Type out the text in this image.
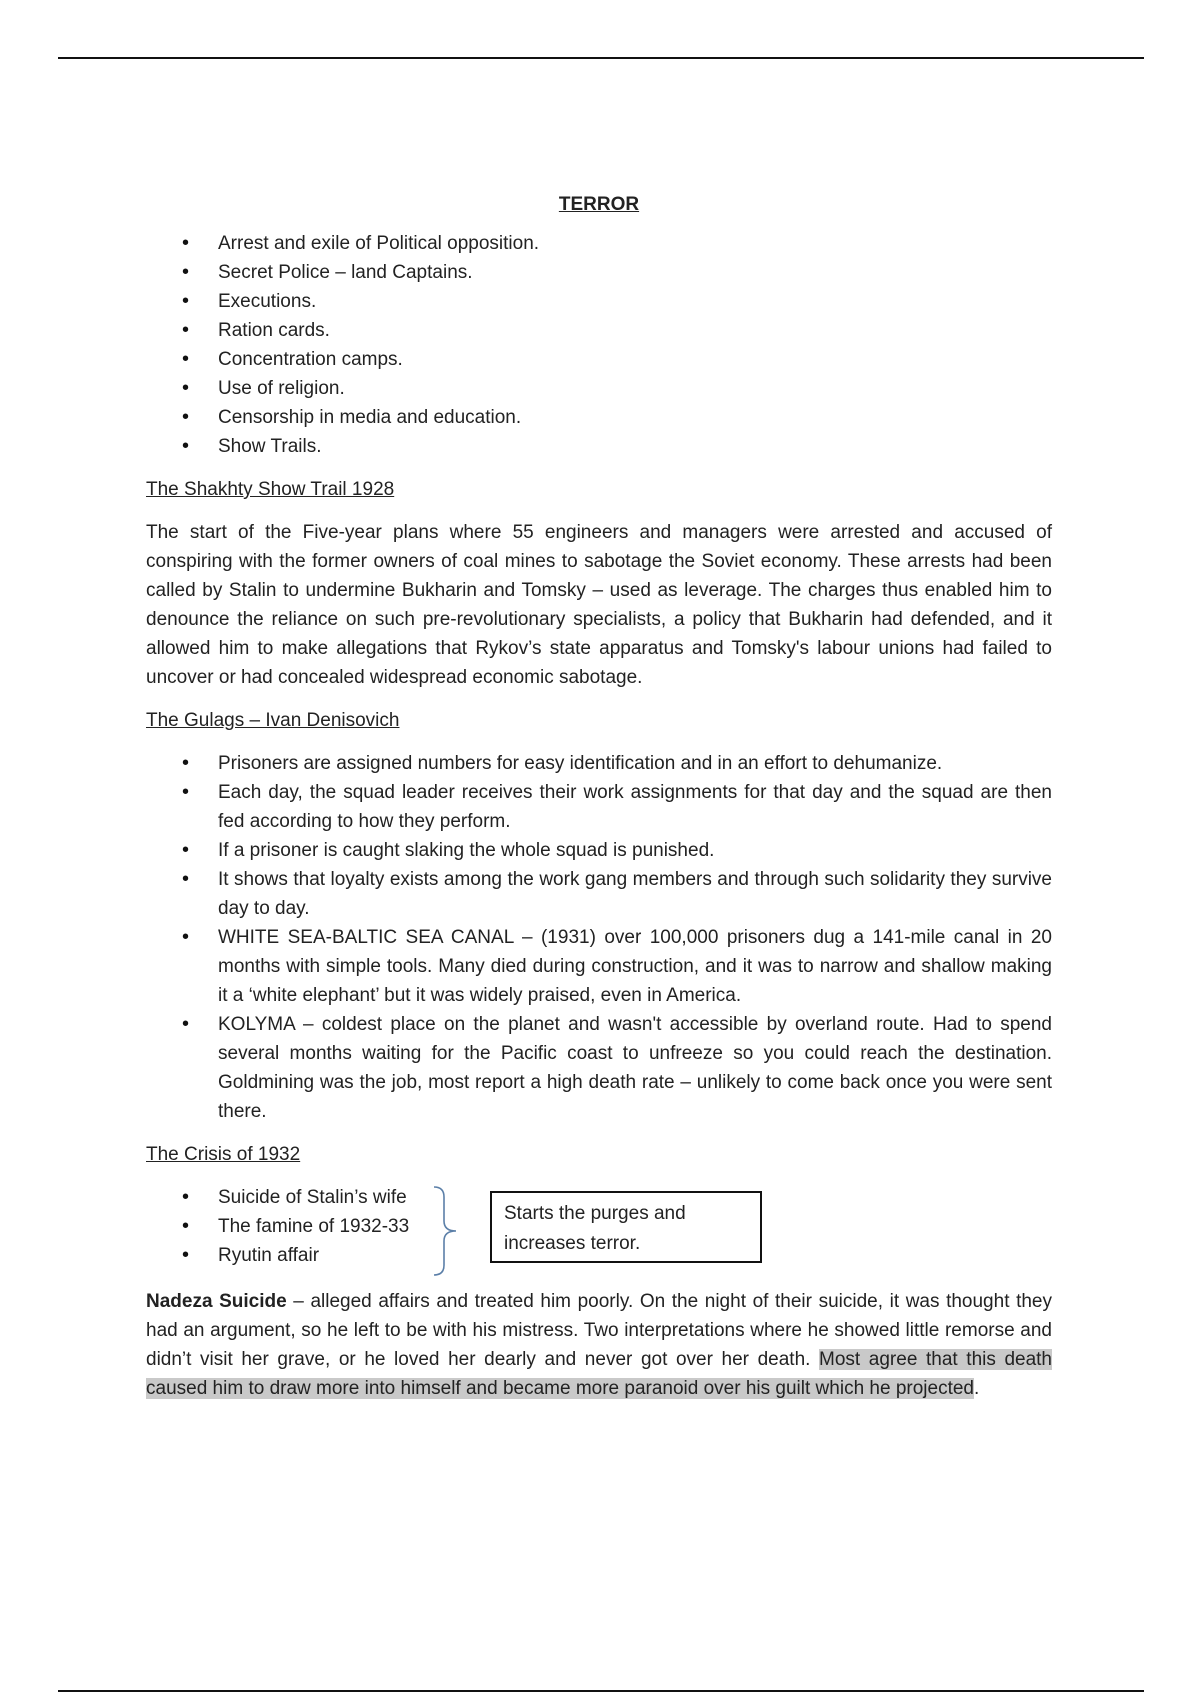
TERROR
• Arrest and exile of Political opposition.
• Secret Police – land Captains.
• Executions.
• Ration cards.
• Concentration camps.
• Use of religion.
• Censorship in media and education.
• Show Trails.
The Shakhty Show Trail 1928

The start of the Five-year plans where 55 engineers and managers were arrested and accused of conspiring with the former owners of coal mines to sabotage the Soviet economy. These arrests had been called by Stalin to undermine Bukharin and Tomsky – used as leverage. The charges thus enabled him to denounce the reliance on such pre-revolutionary specialists, a policy that Bukharin had defended, and it allowed him to make allegations that Rykov’s state apparatus and Tomsky's labour unions had failed to uncover or had concealed widespread economic sabotage.

The Gulags – Ivan Denisovich
• Prisoners are assigned numbers for easy identification and in an effort to dehumanize.
• Each day, the squad leader receives their work assignments for that day and the squad are then fed according to how they perform.
• If a prisoner is caught slaking the whole squad is punished.
• It shows that loyalty exists among the work gang members and through such solidarity they survive day to day.
• WHITE SEA-BALTIC SEA CANAL – (1931) over 100,000 prisoners dug a 141-mile canal in 20 months with simple tools. Many died during construction, and it was to narrow and shallow making it a ‘white elephant’ but it was widely praised, even in America.
• KOLYMA – coldest place on the planet and wasn't accessible by overland route. Had to spend several months waiting for the Pacific coast to unfreeze so you could reach the destination. Goldmining was the job, most report a high death rate – unlikely to come back once you were sent there.
The Crisis of 1932
• Suicide of Stalin’s wife
• The famine of 1932-33
• Ryutin affair
Starts the purges and increases terror.

Nadeza Suicide – alleged affairs and treated him poorly. On the night of their suicide, it was thought they had an argument, so he left to be with his mistress. Two interpretations where he showed little remorse and didn’t visit her grave, or he loved her dearly and never got over her death. Most agree that this death caused him to draw more into himself and became more paranoid over his guilt which he projected.
